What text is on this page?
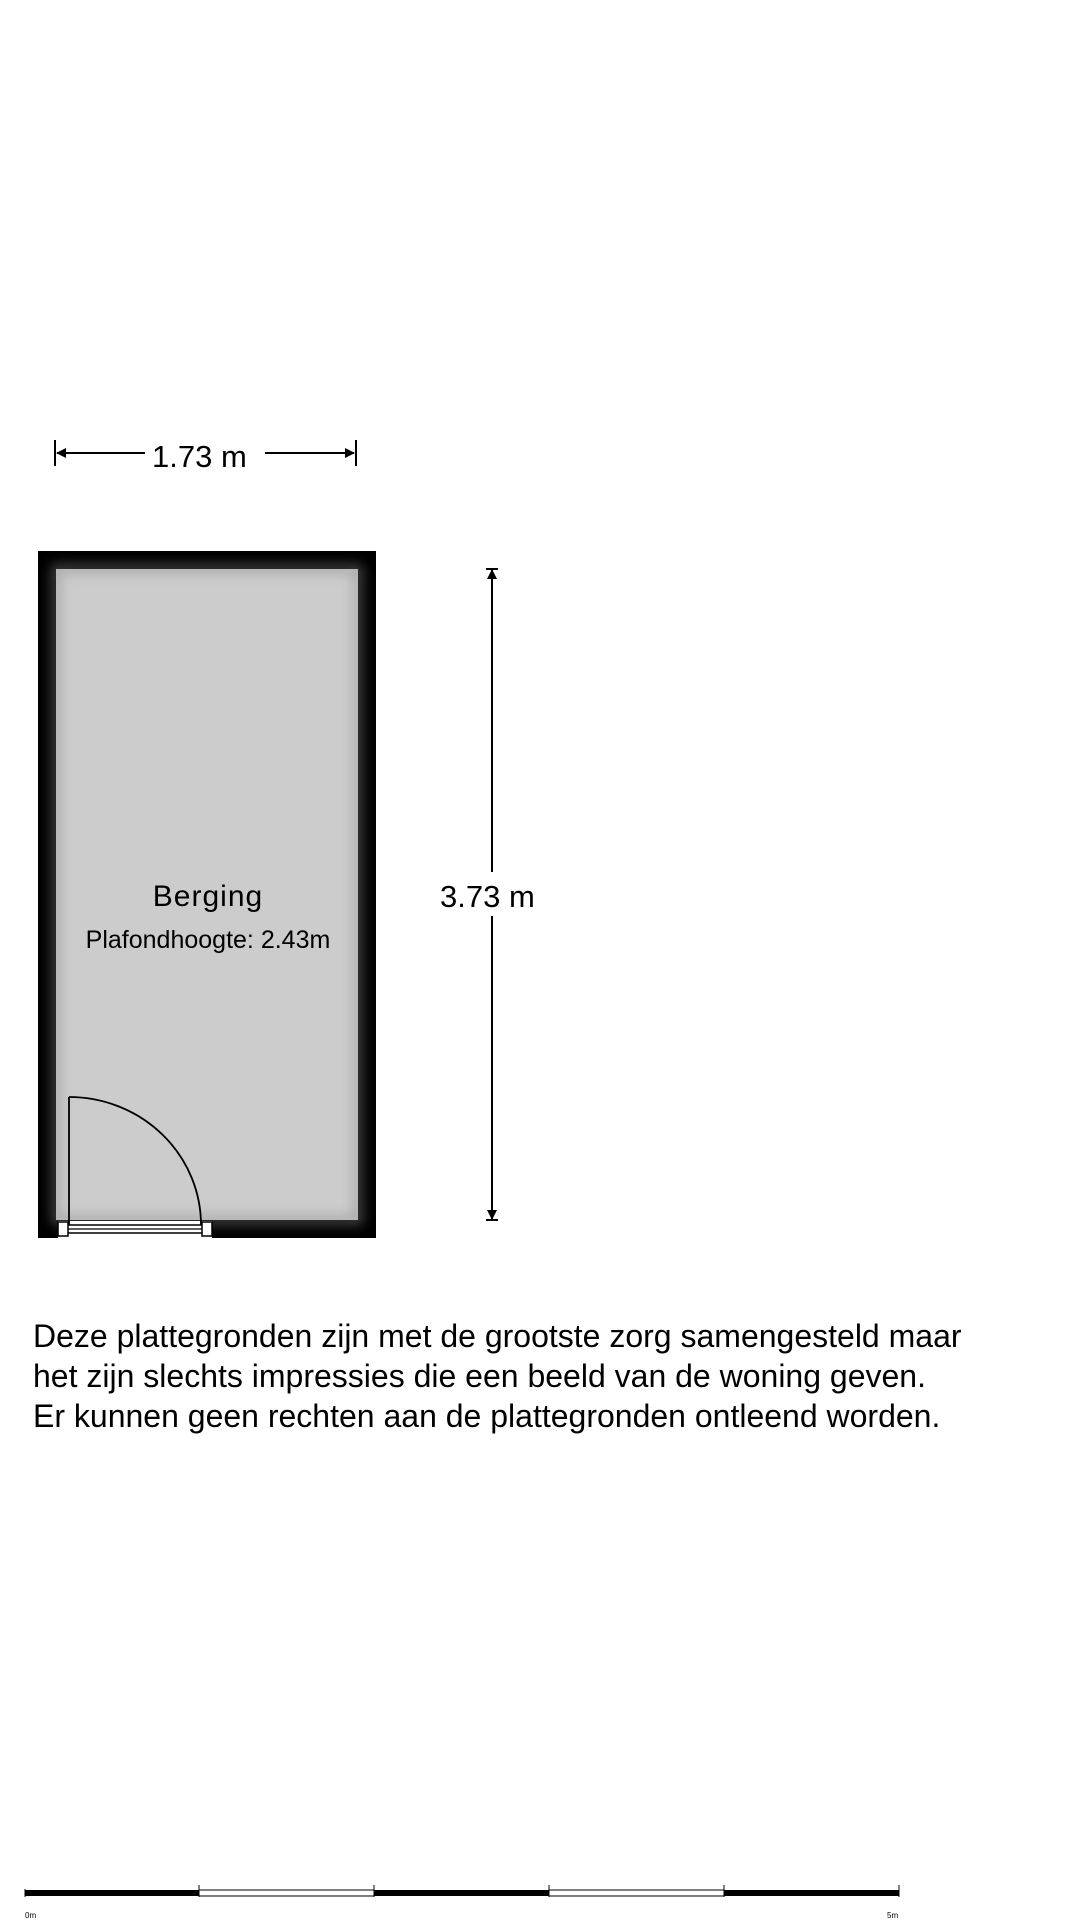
1.73 m
3.73 m
Berging
Plafondhoogte: 2.43m

Deze plattegronden zijn met de grootste zorg samengesteld maar
het zijn slechts impressies die een beeld van de woning geven.
Er kunnen geen rechten aan de plattegronden ontleend worden.

0m	5m
